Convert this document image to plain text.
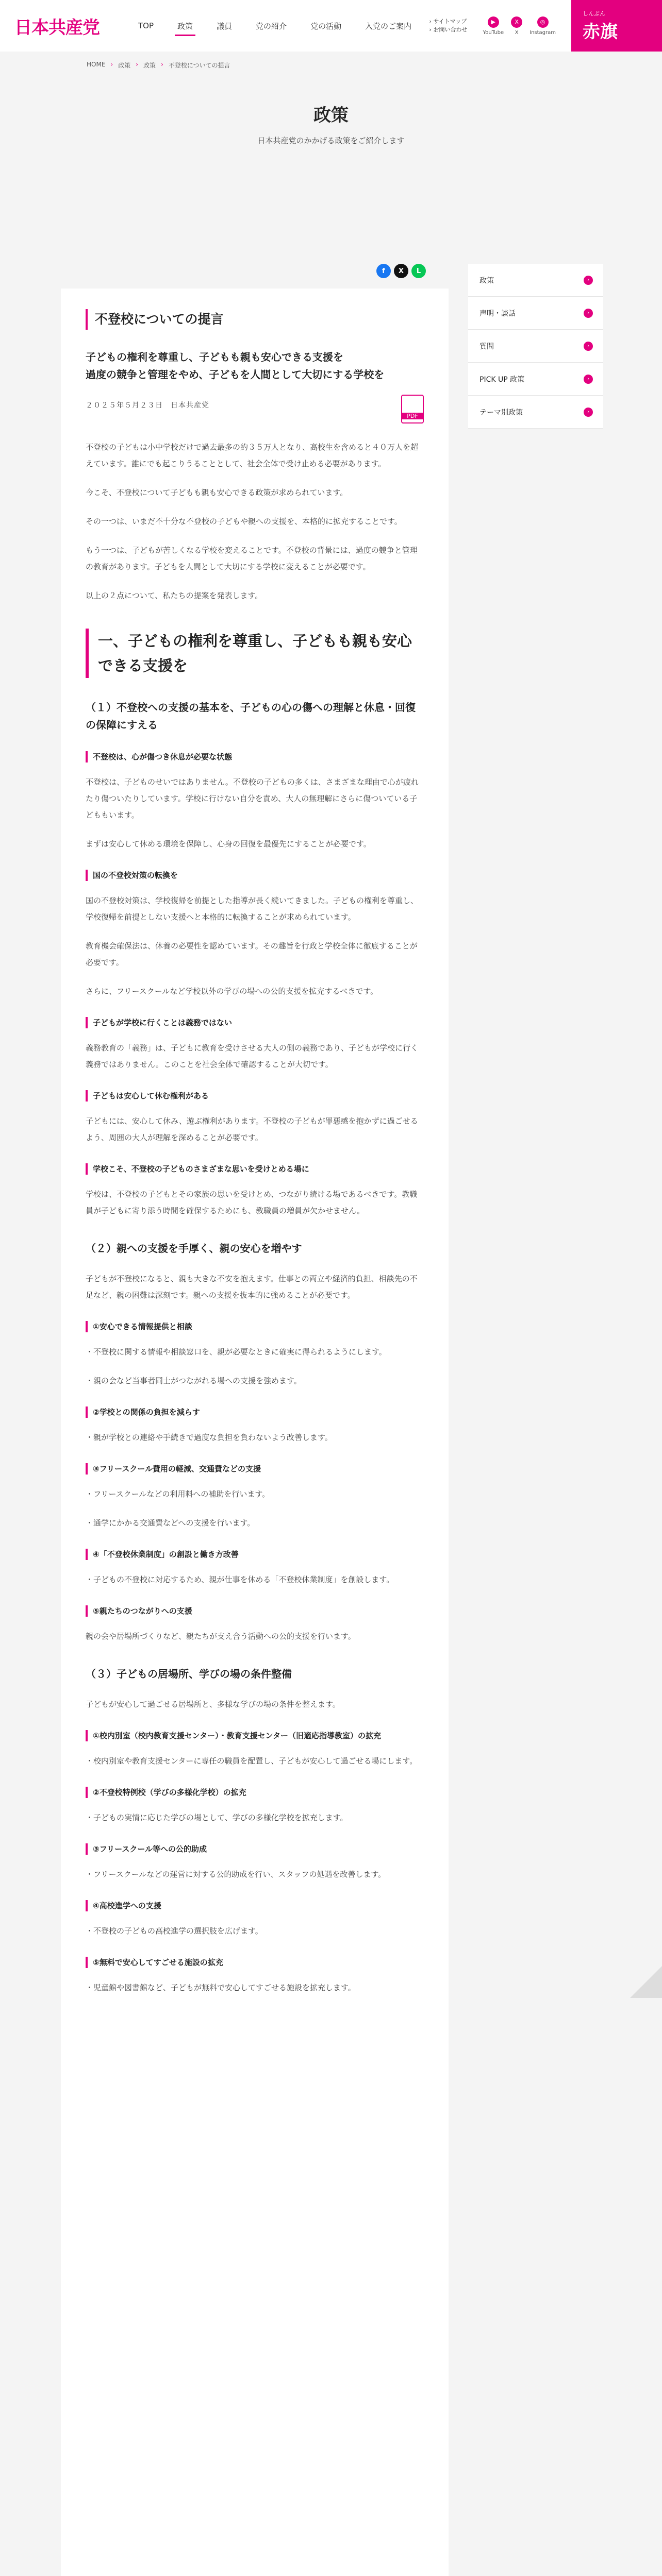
日本共産党	TOP	政策	議員	党の紹介	党の活動	入党のご案内	› サイトマップ
› お問い合わせ
▶
YouTube
X
X
◎
Instagram
しんぶん
赤旗
HOME › 政策 › 政策 › 不登校についての提言
政策
日本共産党のかかげる政策をご紹介します
f	X	L
不登校についての提言
子どもの権利を尊重し、子どもも親も安心できる支援を
過度の競争と管理をやめ、子どもを人間として大切にする学校を
２０２５年５月２３日　日本共産党
PDF

不登校の子どもは小中学校だけで過去最多の約３５万人となり、高校生を含めると４０万人を超えています。誰にでも起こりうることとして、社会全体で受け止める必要があります。

今こそ、不登校について子どもも親も安心できる政策が求められています。

その一つは、いまだ不十分な不登校の子どもや親への支援を、本格的に拡充することです。

もう一つは、子どもが苦しくなる学校を変えることです。不登校の背景には、過度の競争と管理の教育があります。子どもを人間として大切にする学校に変えることが必要です。

以上の２点について、私たちの提案を発表します。

一、子どもの権利を尊重し、子どもも親も安心できる支援を
（１）不登校への支援の基本を、子どもの心の傷への理解と休息・回復の保障にすえる
不登校は、心が傷つき休息が必要な状態

不登校は、子どものせいではありません。不登校の子どもの多くは、さまざまな理由で心が疲れたり傷ついたりしています。学校に行けない自分を責め、大人の無理解にさらに傷ついている子どももいます。

まずは安心して休める環境を保障し、心身の回復を最優先にすることが必要です。

国の不登校対策の転換を

国の不登校対策は、学校復帰を前提とした指導が長く続いてきました。子どもの権利を尊重し、学校復帰を前提としない支援へと本格的に転換することが求められています。

教育機会確保法は、休養の必要性を認めています。その趣旨を行政と学校全体に徹底することが必要です。

さらに、フリースクールなど学校以外の学びの場への公的支援を拡充するべきです。

子どもが学校に行くことは義務ではない

義務教育の「義務」は、子どもに教育を受けさせる大人の側の義務であり、子どもが学校に行く義務ではありません。このことを社会全体で確認することが大切です。

子どもは安心して休む権利がある

子どもには、安心して休み、遊ぶ権利があります。不登校の子どもが罪悪感を抱かずに過ごせるよう、周囲の大人が理解を深めることが必要です。

学校こそ、不登校の子どものさまざまな思いを受けとめる場に

学校は、不登校の子どもとその家族の思いを受けとめ、つながり続ける場であるべきです。教職員が子どもに寄り添う時間を確保するためにも、教職員の増員が欠かせません。

（２）親への支援を手厚く、親の安心を増やす

子どもが不登校になると、親も大きな不安を抱えます。仕事との両立や経済的負担、相談先の不足など、親の困難は深刻です。親への支援を抜本的に強めることが必要です。

①安心できる情報提供と相談

・不登校に関する情報や相談窓口を、親が必要なときに確実に得られるようにします。

・親の会など当事者同士がつながれる場への支援を強めます。

②学校との関係の負担を減らす

・親が学校との連絡や手続きで過度な負担を負わないよう改善します。

③フリースクール費用の軽減、交通費などの支援

・フリースクールなどの利用料への補助を行います。

・通学にかかる交通費などへの支援を行います。

④「不登校休業制度」の創設と働き方改善

・子どもの不登校に対応するため、親が仕事を休める「不登校休業制度」を創設します。

⑤親たちのつながりへの支援

親の会や居場所づくりなど、親たちが支え合う活動への公的支援を行います。

（３）子どもの居場所、学びの場の条件整備

子どもが安心して過ごせる居場所と、多様な学びの場の条件を整えます。

①校内別室（校内教育支援センター）・教育支援センター（旧適応指導教室）の拡充

・校内別室や教育支援センターに専任の職員を配置し、子どもが安心して過ごせる場にします。

②不登校特例校（学びの多様化学校）の拡充

・子どもの実情に応じた学びの場として、学びの多様化学校を拡充します。

③フリースクール等への公的助成

・フリースクールなどの運営に対する公的助成を行い、スタッフの処遇を改善します。

④高校進学への支援

・不登校の子どもの高校進学の選択肢を広げます。

⑤無料で安心してすごせる施設の拡充

・児童館や図書館など、子どもが無料で安心してすごせる施設を拡充します。

政策	›
声明・談話	›
質問	›
PICK UP 政策	›
テーマ別政策	›
